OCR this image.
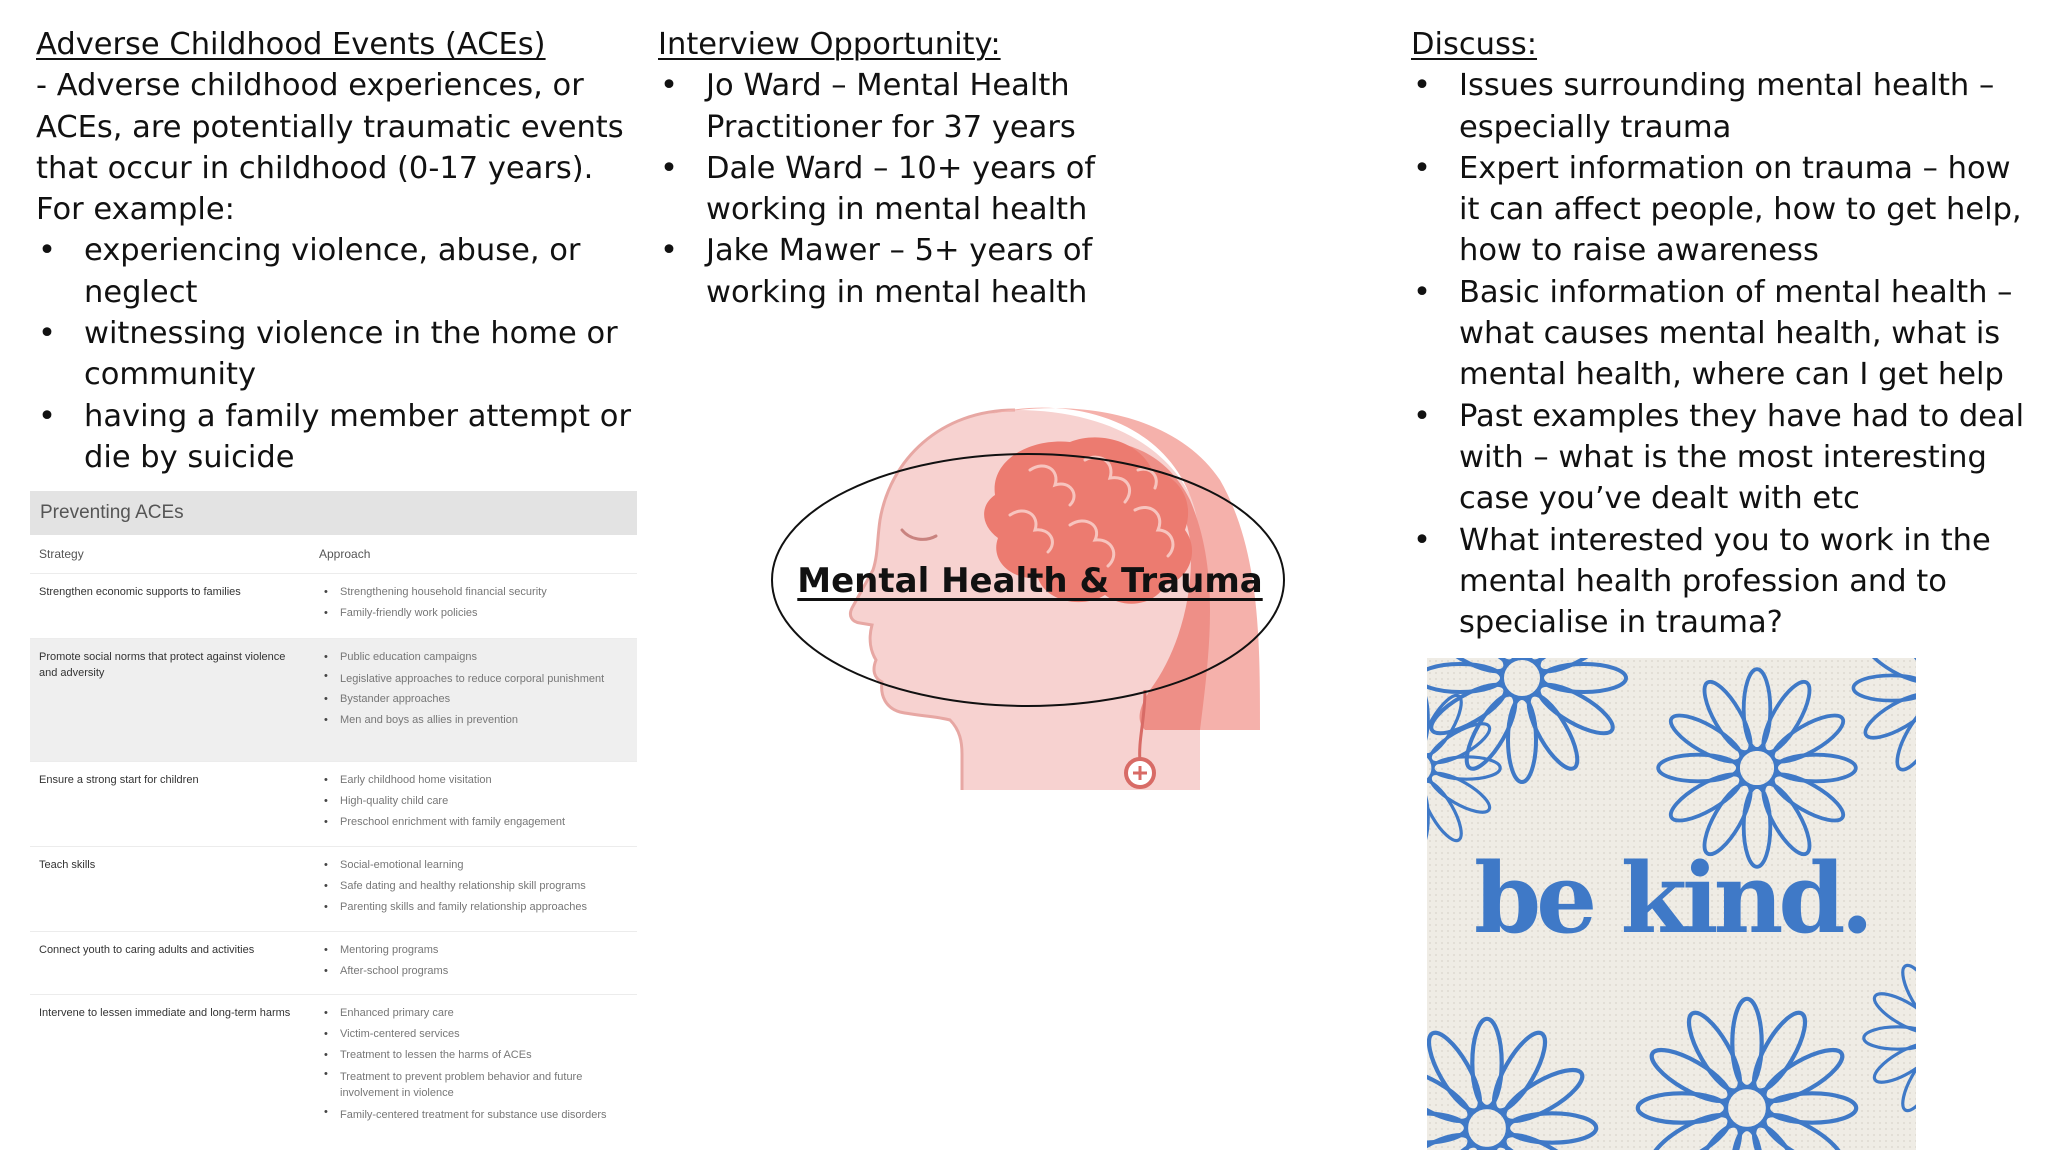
Adverse Childhood Events (ACEs)
- Adverse childhood experiences, or ACEs, are potentially traumatic events that occur in childhood (0-17 years). For example:
• experiencing violence, abuse, or neglect
• witnessing violence in the home or community
• having a family member attempt or die by suicide
Preventing ACEs
Strategy	Approach
Strengthen economic supports to families	• Strengthening household financial security
• Family-friendly work policies
Promote social norms that protect against violence and adversity
• Public education campaigns
• Legislative approaches to reduce corporal punishment
• Bystander approaches
• Men and boys as allies in prevention
Ensure a strong start for children	• Early childhood home visitation
• High-quality child care
• Preschool enrichment with family engagement
Teach skills	• Social-emotional learning
• Safe dating and healthy relationship skill programs
• Parenting skills and family relationship approaches
Connect youth to caring adults and activities	• Mentoring programs
• After-school programs
Intervene to lessen immediate and long-term harms	• Enhanced primary care
• Victim-centered services
• Treatment to lessen the harms of ACEs
• Treatment to prevent problem behavior and future involvement in violence
• Family-centered treatment for substance use disorders
Interview Opportunity:
• Jo Ward – Mental Health Practitioner for 37 years
• Dale Ward – 10+ years of working in mental health
• Jake Mawer – 5+ years of working in mental health
Mental Health & Trauma
Discuss:
• Issues surrounding mental health – especially trauma
• Expert information on trauma – how it can affect people, how to get help, how to raise awareness
• Basic information of mental health – what causes mental health, what is mental health, where can I get help
• Past examples they have had to deal with – what is the most interesting case you’ve dealt with etc
• What interested you to work in the mental health profession and to specialise in trauma?
be kind.
